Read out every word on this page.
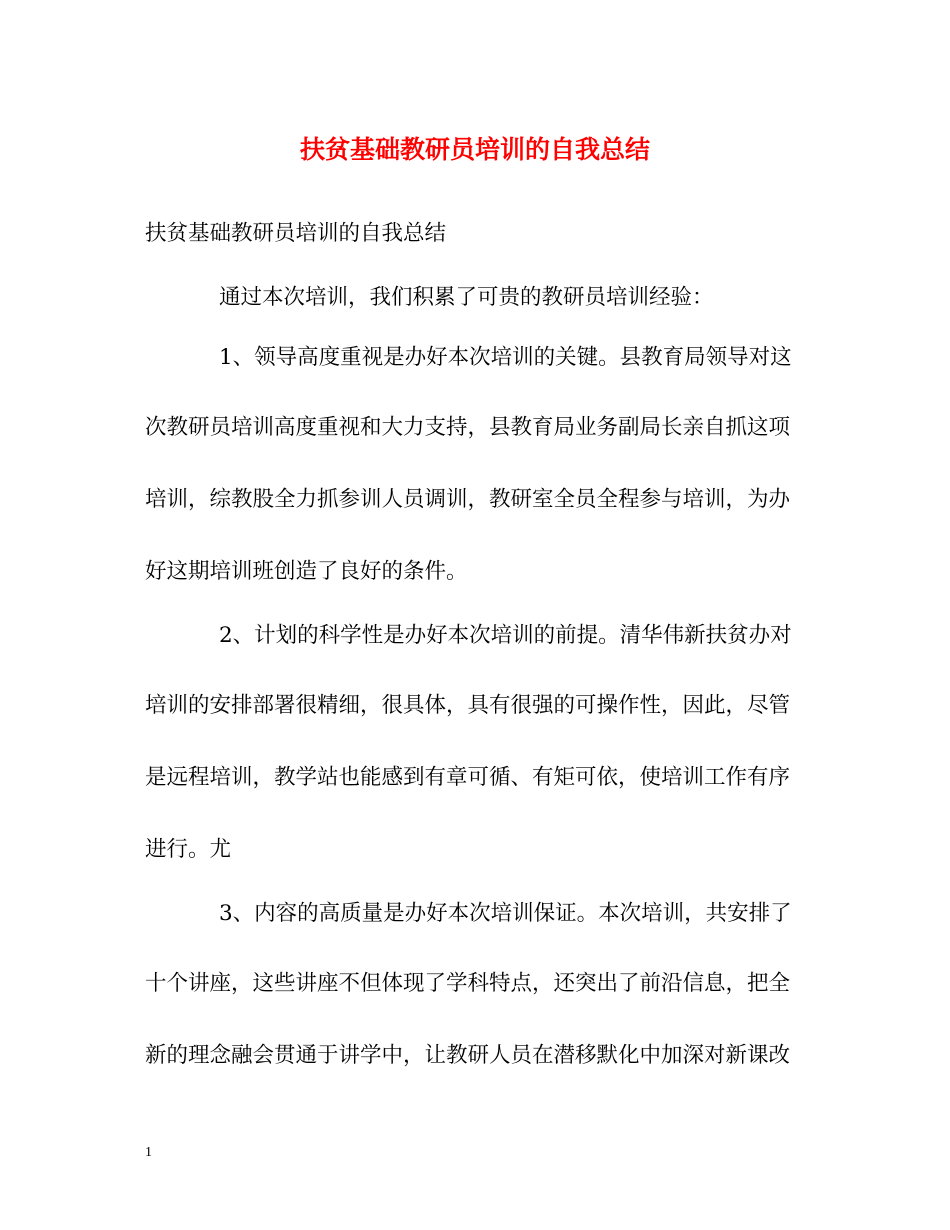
扶贫基础教研员培训的自我总结
扶贫基础教研员培训的自我总结
通过本次培训，我们积累了可贵的教研员培训经验：
1、领导高度重视是办好本次培训的关键。县教育局领导对这
次教研员培训高度重视和大力支持，县教育局业务副局长亲自抓这项
培训，综教股全力抓参训人员调训，教研室全员全程参与培训，为办
好这期培训班创造了良好的条件。
2、计划的科学性是办好本次培训的前提。清华伟新扶贫办对
培训的安排部署很精细，很具体，具有很强的可操作性，因此，尽管
是远程培训，教学站也能感到有章可循、有矩可依，使培训工作有序
进行。尤
3、内容的高质量是办好本次培训保证。本次培训，共安排了
十个讲座，这些讲座不但体现了学科特点，还突出了前沿信息，把全
新的理念融会贯通于讲学中，让教研人员在潜移默化中加深对新课改
1
